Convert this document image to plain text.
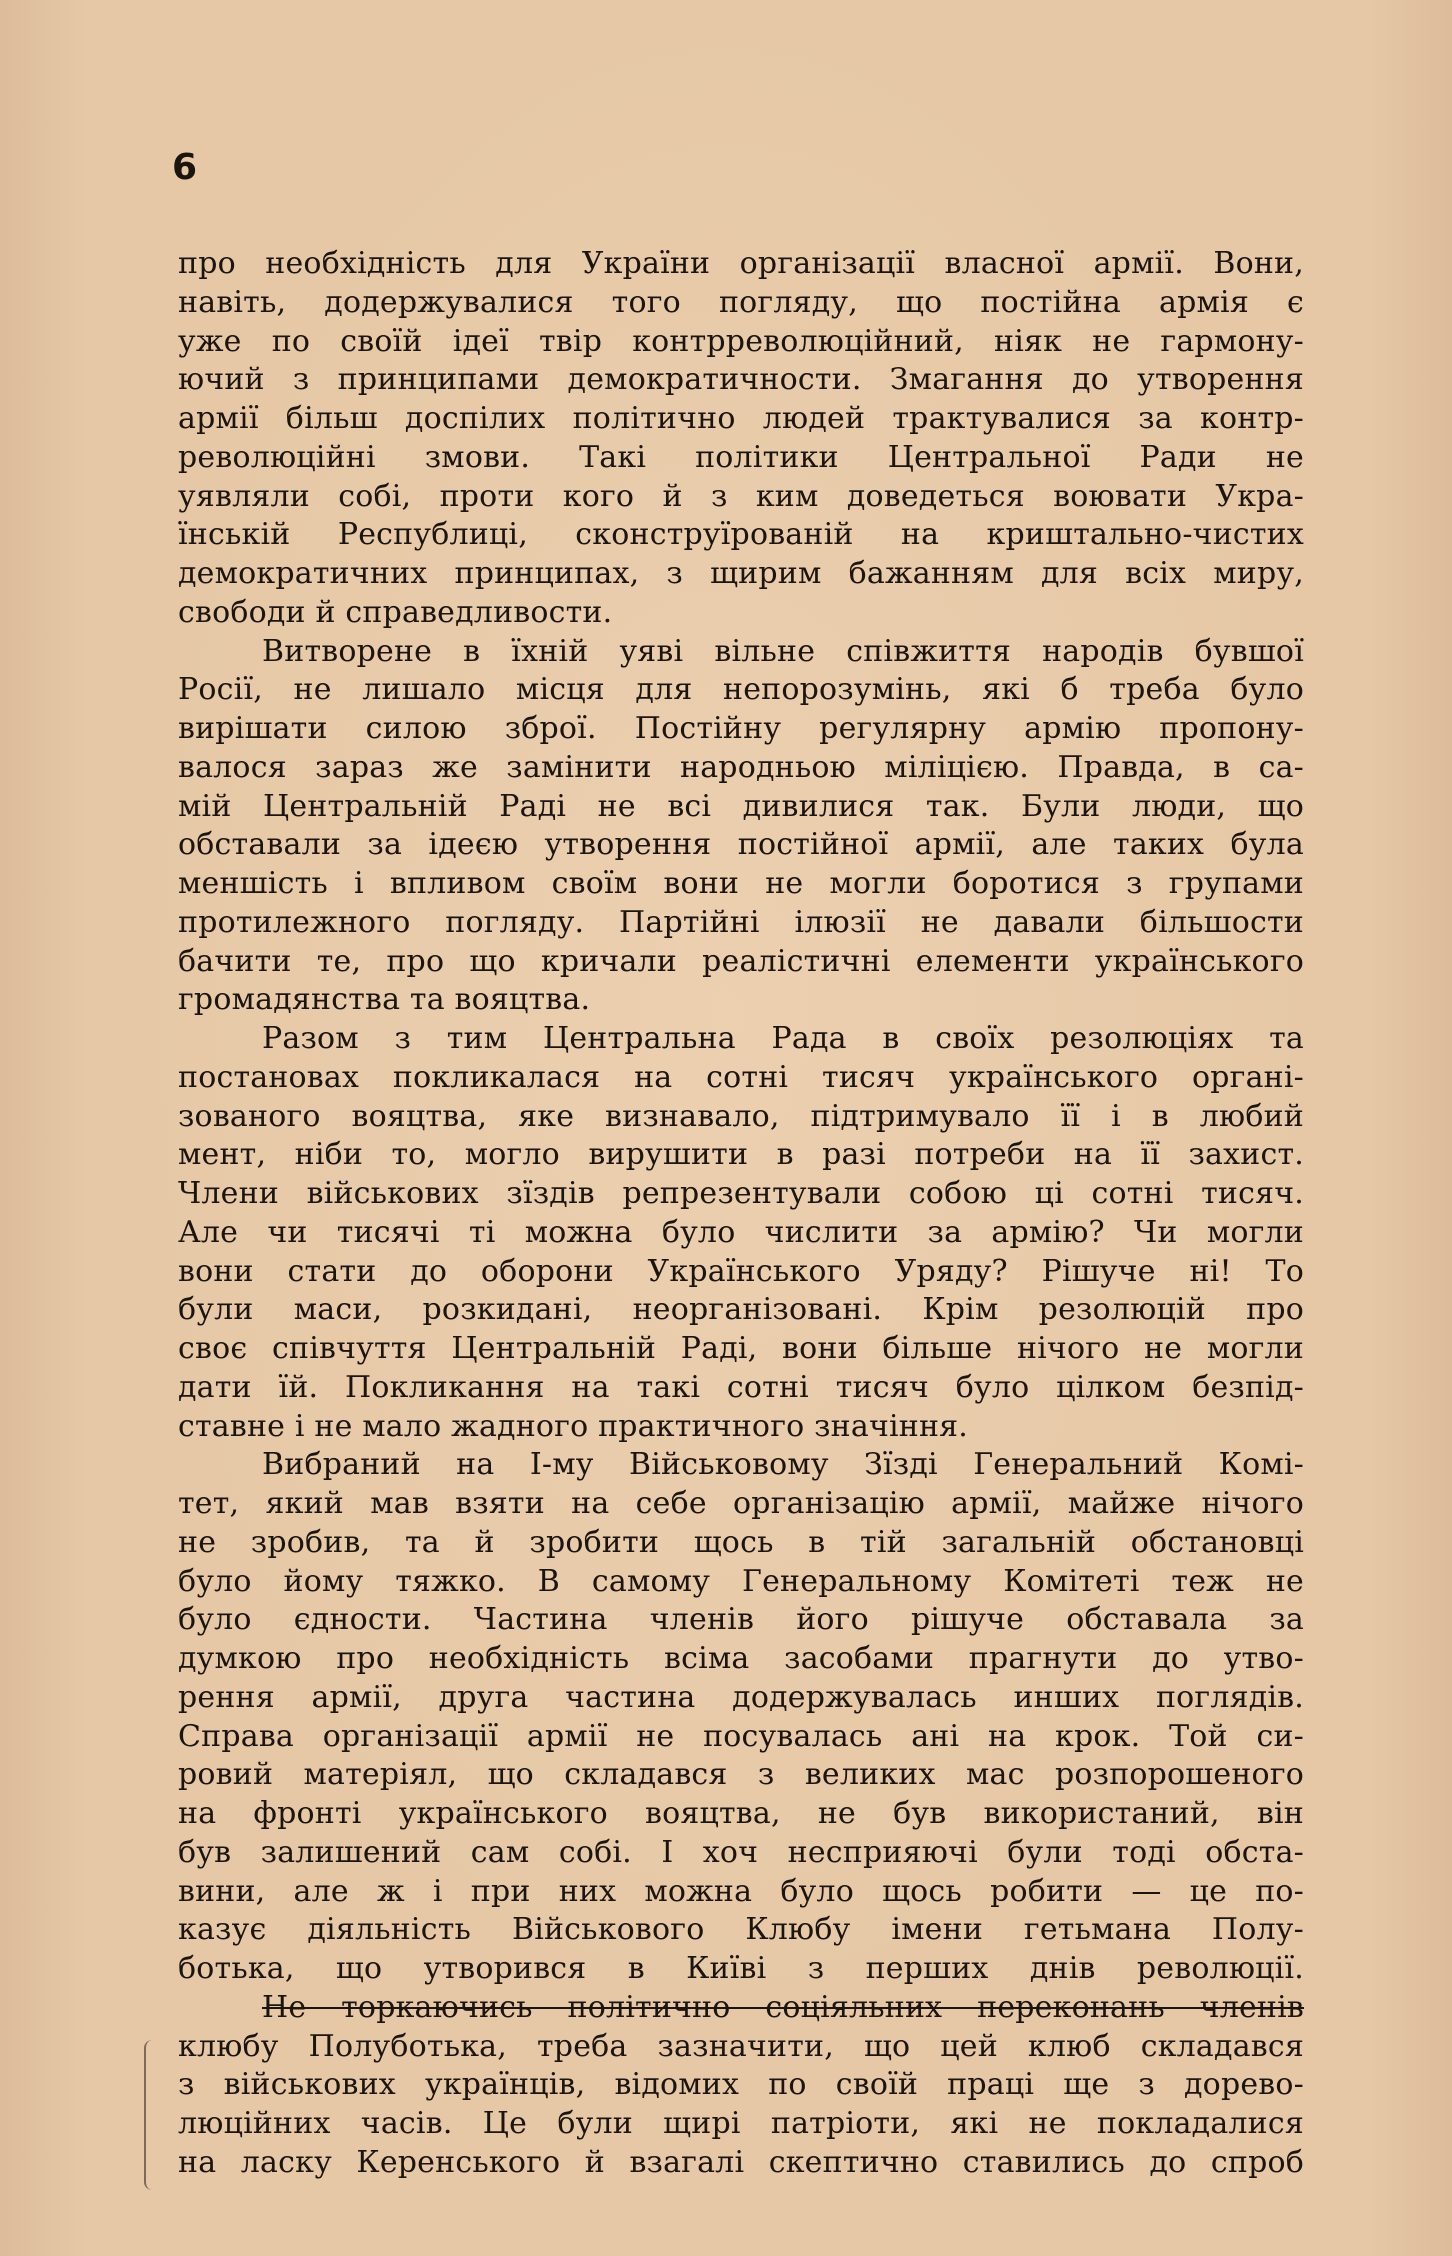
6
про необхідність для України організації власної армії. Вони,
навіть, додержувалися того погляду, що постійна армія є
уже по своїй ідеї твір контрреволюційний, ніяк не гармону-
ючий з принципами демократичности. Змагання до утворення
армії більш доспілих політично людей трактувалися за контр-
революційні змови. Такі політики Центральної Ради не
уявляли собі, проти кого й з ким доведеться воювати Укра-
їнській Республиці, сконструїрованій на криштально-чистих
демократичних принципах, з щирим бажанням для всіх миру,
свободи й справедливости.
Витворене в їхній уяві вільне співжиття народів бувшої
Росії, не лишало місця для непорозумінь, які б треба було
вирішати силою зброї. Постійну регулярну армію пропону-
валося зараз же замінити народньою міліцією. Правда, в са-
мій Центральній Раді не всі дивилися так. Були люди, що
обставали за ідеєю утворення постійної армії, але таких була
меншість і впливом своїм вони не могли боротися з групами
протилежного погляду. Партійні ілюзії не давали більшости
бачити те, про що кричали реалістичні елементи українського
громадянства та вояцтва.
Разом з тим Центральна Рада в своїх резолюціях та
постановах покликалася на сотні тисяч українського органі-
зованого вояцтва, яке визнавало, підтримувало її і в любий
мент, ніби то, могло вирушити в разі потреби на її захист.
Члени військових зїздів репрезентували собою ці сотні тисяч.
Але чи тисячі ті можна було числити за армію? Чи могли
вони стати до оборони Українського Уряду? Рішуче ні! То
були маси, розкидані, неорганізовані. Крім резолюцій про
своє співчуття Центральній Раді, вони більше нічого не могли
дати їй. Покликання на такі сотні тисяч було цілком безпід-
ставне і не мало жадного практичного значіння.
Вибраний на І-му Військовому Зїзді Генеральний Комі-
тет, який мав взяти на себе організацію армії, майже нічого
не зробив, та й зробити щось в тій загальній обстановці
було йому тяжко. В самому Генеральному Комітеті теж не
було єдности. Частина членів його рішуче обставала за
думкою про необхідність всіма засобами прагнути до утво-
рення армії, друга частина додержувалась инших поглядів.
Справа організації армії не посувалась ані на крок. Той си-
ровий матеріял, що складався з великих мас розпорошеного
на фронті українського вояцтва, не був використаний, він
був залишений сам собі. І хоч несприяючі були тоді обста-
вини, але ж і при них можна було щось робити — це по-
казує діяльність Військового Клюбу імени гетьмана Полу-
ботька, що утворився в Київі з перших днів революції.
Не торкаючись політично соціяльних переконань членів
клюбу Полуботька, треба зазначити, що цей клюб складався
з військових українців, відомих по своїй праці ще з дорево-
люційних часів. Це були щирі патріоти, які не покладалися
на ласку Керенського й взагалі скептично ставились до спроб
